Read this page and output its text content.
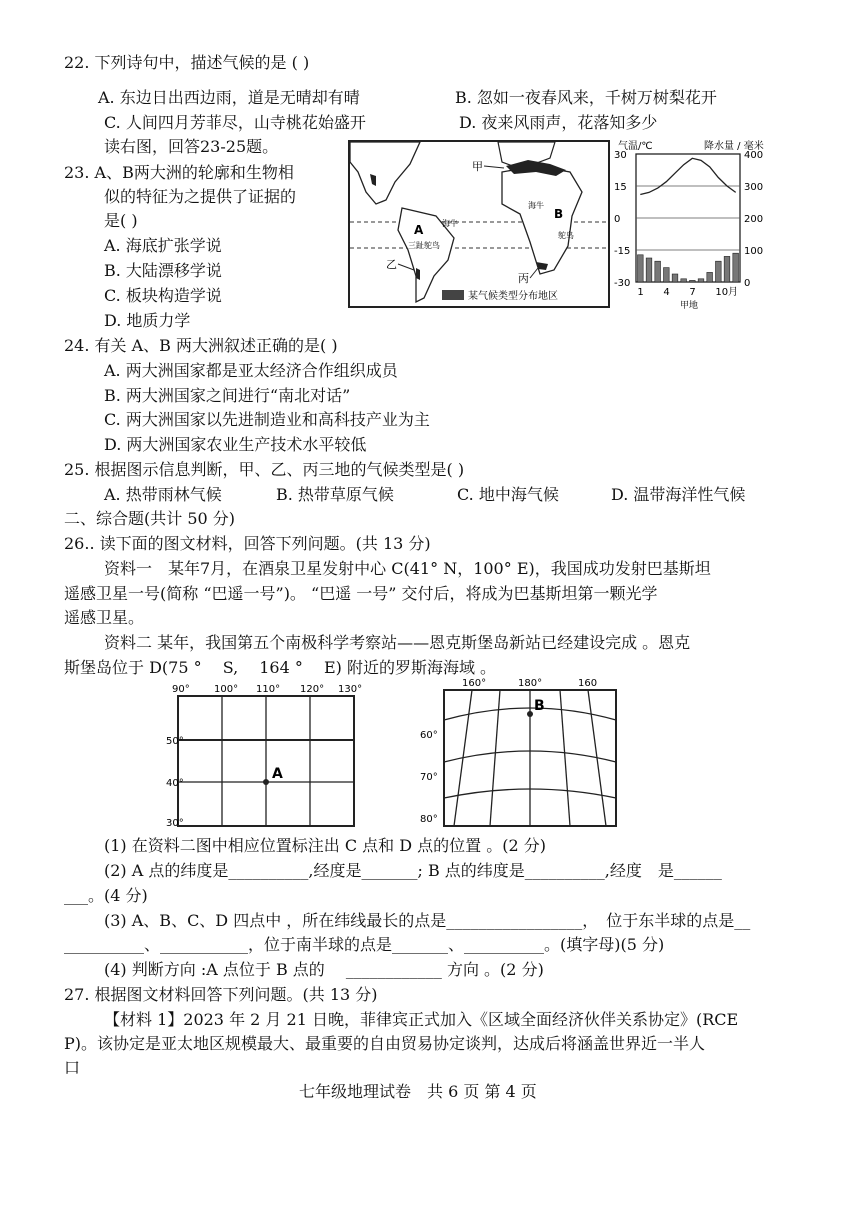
22. 下列诗句中，描述气候的是 ( )
A. 东边日出西边雨，道是无晴却有晴	B. 忽如一夜春风来，千树万树梨花开
C. 人间四月芳菲尽，山寺桃花始盛开	D. 夜来风雨声，花落知多少
读右图，回答23-25题。
23. A、B两大洲的轮廓和生物相
似的特征为之提供了证据的
是( )
A. 海底扩张学说
B. 大陆漂移学说
C. 板块构造学说
D. 地质力学
某气候类型分布地区
甲
乙
丙
A
B
海牛
海牛
三趾鸵鸟
鸵鸟
气温/℃	降水量 / 毫米
30
15
0
-15
-30
400
300
200
100
0
1 4 7 10 月
甲地
24. 有关 A、B 两大洲叙述正确的是( )
A. 两大洲国家都是亚太经济合作组织成员
B. 两大洲国家之间进行“南北对话”
C. 两大洲国家以先进制造业和高科技产业为主
D. 两大洲国家农业生产技术水平较低
25. 根据图示信息判断，甲、乙、丙三地的气候类型是( )
A. 热带雨林气候	B. 热带草原气候	C. 地中海气候	D. 温带海洋性气候
二、综合题(共计 50 分)
26.. 读下面的图文材料，回答下列问题。(共 13 分)
资料一　某年7月，在酒泉卫星发射中心 C(41° N，100° E)，我国成功发射巴基斯坦
遥感卫星一号(简称 “巴遥一号”)。 “巴遥 一号” 交付后，将成为巴基斯坦第一颗光学
遥感卫星。
资料二 某年，我国第五个南极科学考察站——恩克斯堡岛新站已经建设完成 。恩克
斯堡岛位于 D(75 °　 S,　 164 °　 E) 附近的罗斯海海域 。
A
90° 100° 110° 120° 130°
50°
40°
30°
B
160°	180°	160
60°
70°
80°
(1) 在资料二图中相应位置标注出 C 点和 D 点的位置 。(2 分)
(2) A 点的纬度是__________,经度是_______; B 点的纬度是__________,经度　是______
___。(4 分)
(3) A、B、C、D 四点中 ，所在纬线最长的点是_________________，　位于东半球的点是__
__________、___________，位于南半球的点是_______、__________。(填字母)(5 分)
(4) 判断方向 :A 点位于 B 点的　 ____________ 方向 。(2 分)
27. 根据图文材料回答下列问题。(共 13 分)
【材料 1】2023 年 2 月 21 日晚，菲律宾正式加入《区域全面经济伙伴关系协定》(RCE
P)。该协定是亚太地区规模最大、最重要的自由贸易协定谈判，达成后将涵盖世界近一半人
口
七年级地理试卷　共 6 页 第 4 页
